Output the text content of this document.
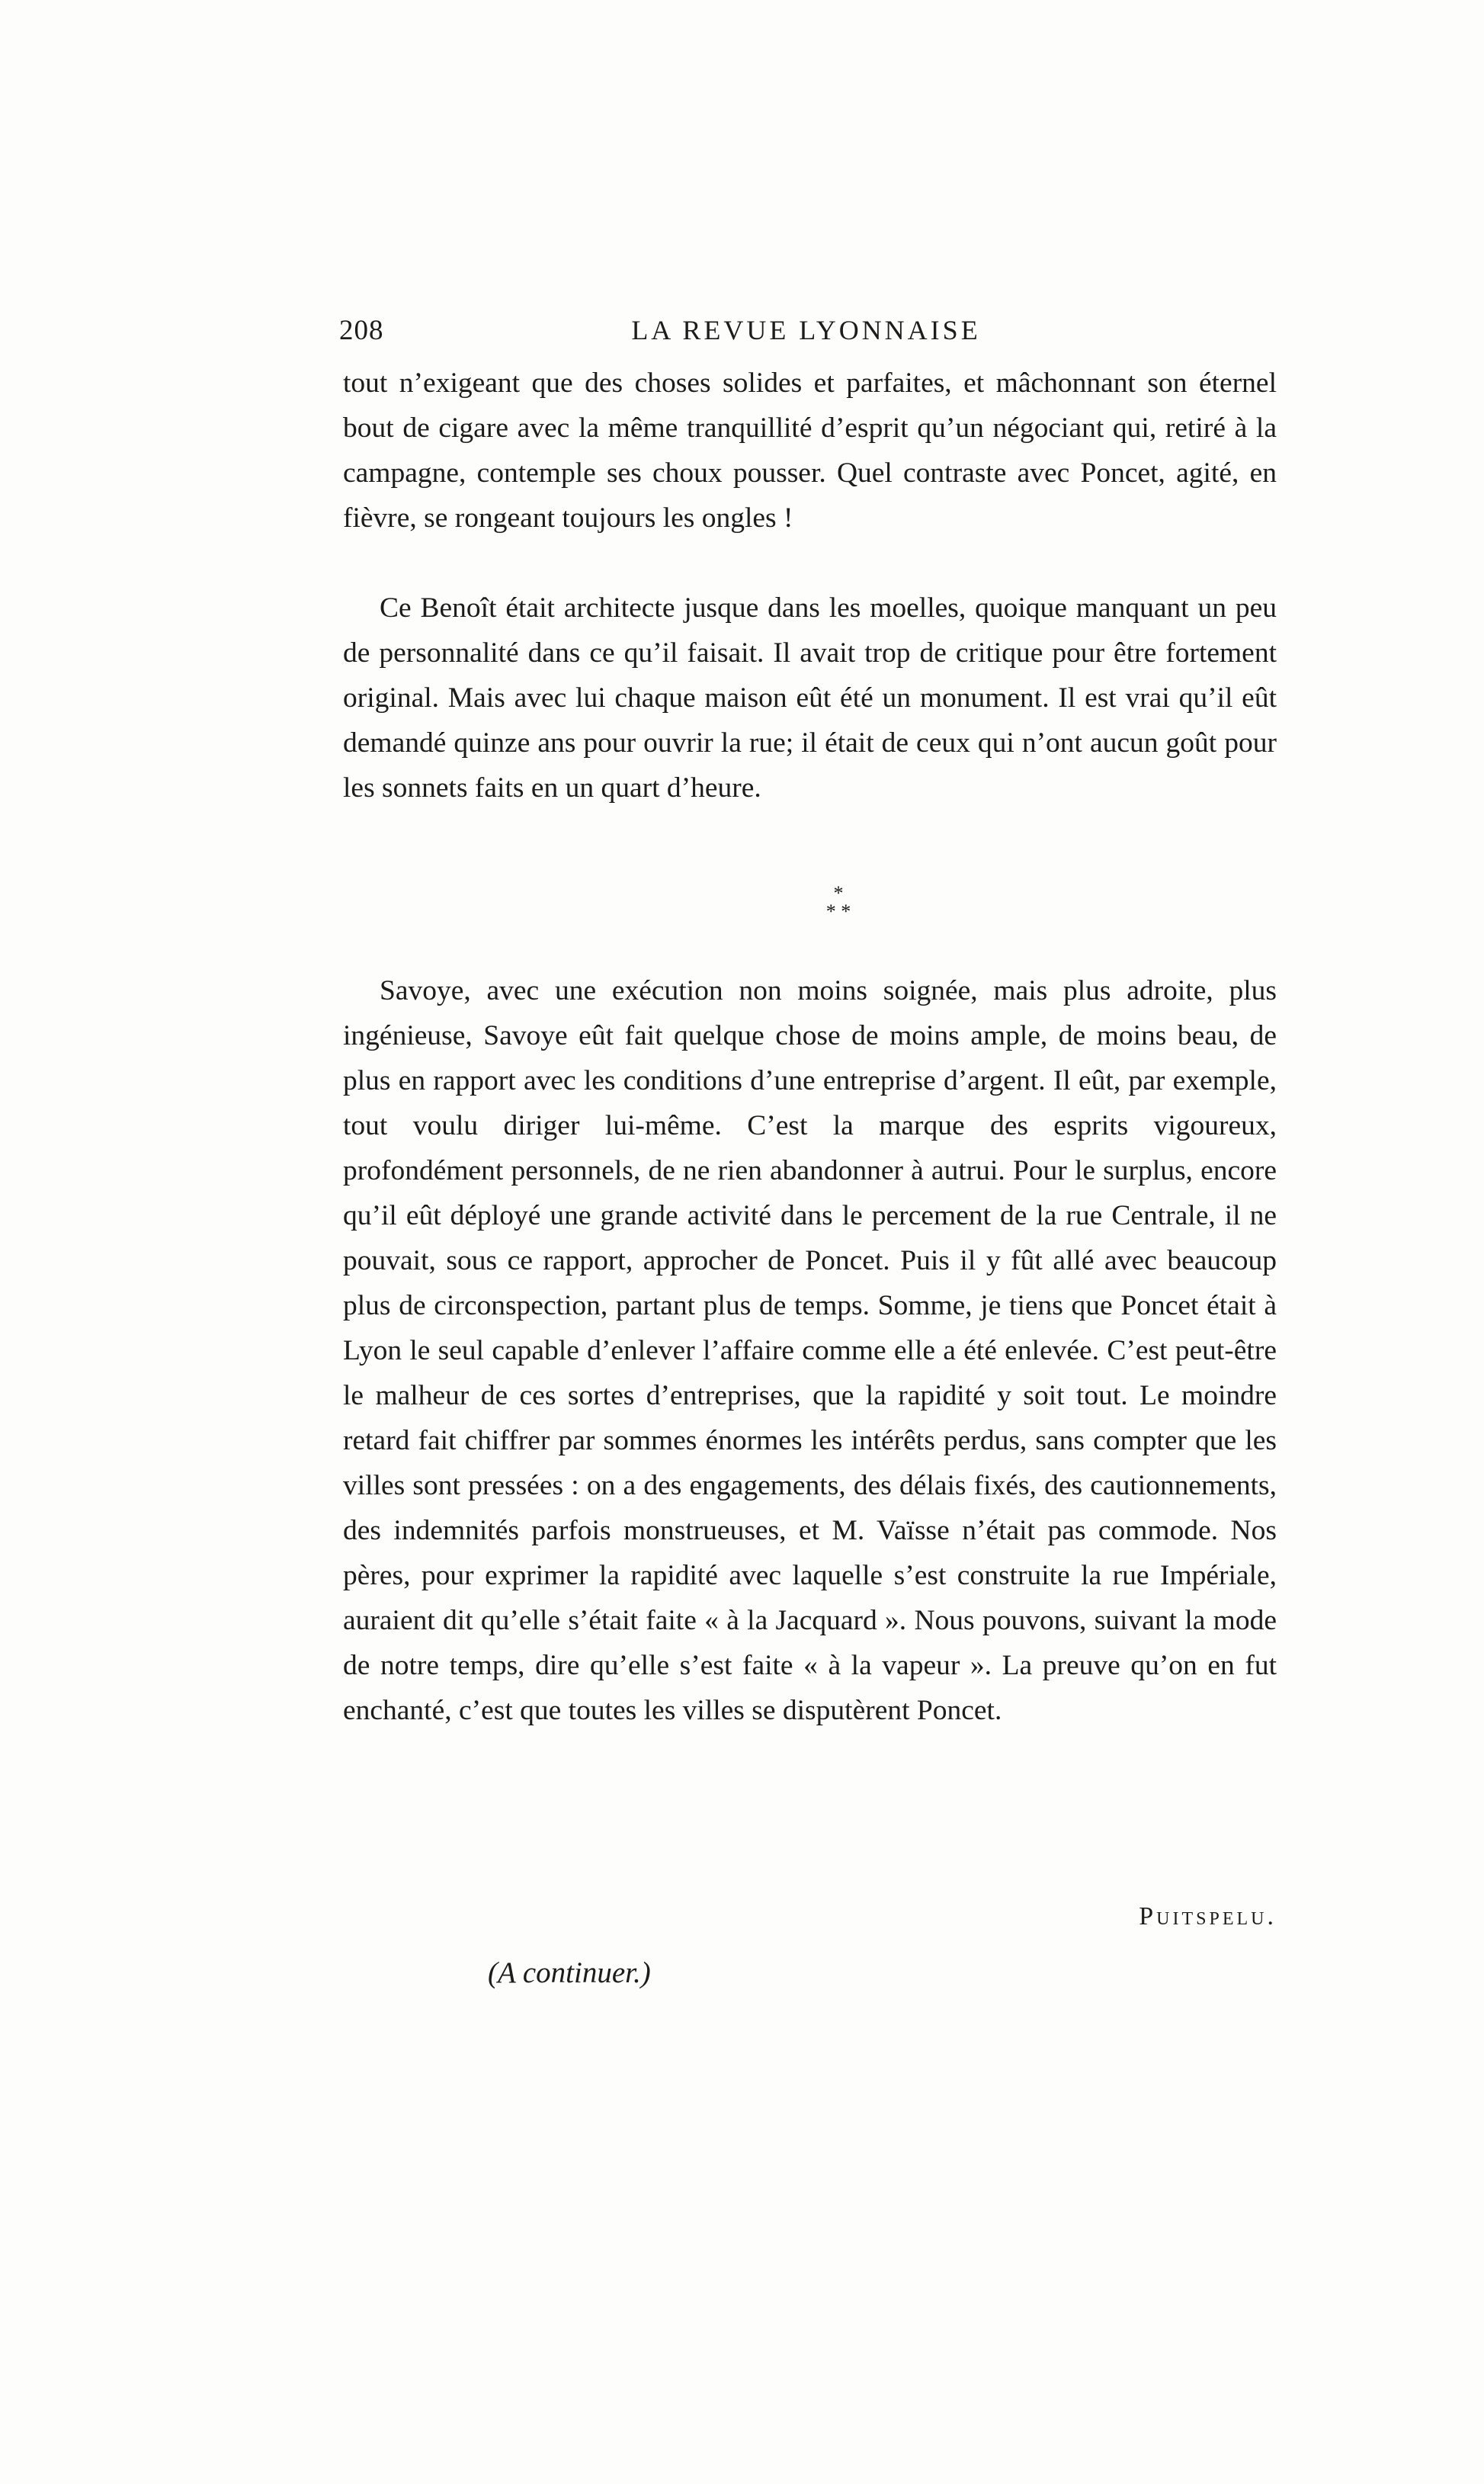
208	LA REVUE LYONNAISE

tout n’exigeant que des choses solides et parfaites, et mâchonnant son éternel bout de cigare avec la même tranquillité d’esprit qu’un négociant qui, retiré à la campagne, contemple ses choux pousser. Quel contraste avec Poncet, agité, en fièvre, se rongeant toujours les ongles !

Ce Benoît était architecte jusque dans les moelles, quoique manquant un peu de personnalité dans ce qu’il faisait. Il avait trop de critique pour être fortement original. Mais avec lui chaque maison eût été un monument. Il est vrai qu’il eût demandé quinze ans pour ouvrir la rue; il était de ceux qui n’ont aucun goût pour les sonnets faits en un quart d’heure.

*
* *

Savoye, avec une exécution non moins soignée, mais plus adroite, plus ingénieuse, Savoye eût fait quelque chose de moins ample, de moins beau, de plus en rapport avec les conditions d’une entreprise d’argent. Il eût, par exemple, tout voulu diriger lui-même. C’est la marque des esprits vigoureux, profondément personnels, de ne rien abandonner à autrui. Pour le surplus, encore qu’il eût déployé une grande activité dans le percement de la rue Centrale, il ne pouvait, sous ce rapport, approcher de Poncet. Puis il y fût allé avec beaucoup plus de circonspection, partant plus de temps. Somme, je tiens que Poncet était à Lyon le seul capable d’enlever l’affaire comme elle a été enlevée. C’est peut-être le malheur de ces sortes d’entreprises, que la rapidité y soit tout. Le moindre retard fait chiffrer par sommes énormes les intérêts perdus, sans compter que les villes sont pressées : on a des engagements, des délais fixés, des cautionnements, des indemnités parfois monstrueuses, et M. Vaïsse n’était pas commode. Nos pères, pour exprimer la rapidité avec laquelle s’est construite la rue Impériale, auraient dit qu’elle s’était faite « à la Jacquard ». Nous pouvons, suivant la mode de notre temps, dire qu’elle s’est faite « à la vapeur ». La preuve qu’on en fut enchanté, c’est que toutes les villes se disputèrent Poncet.

Puitspelu.
(A continuer.)
